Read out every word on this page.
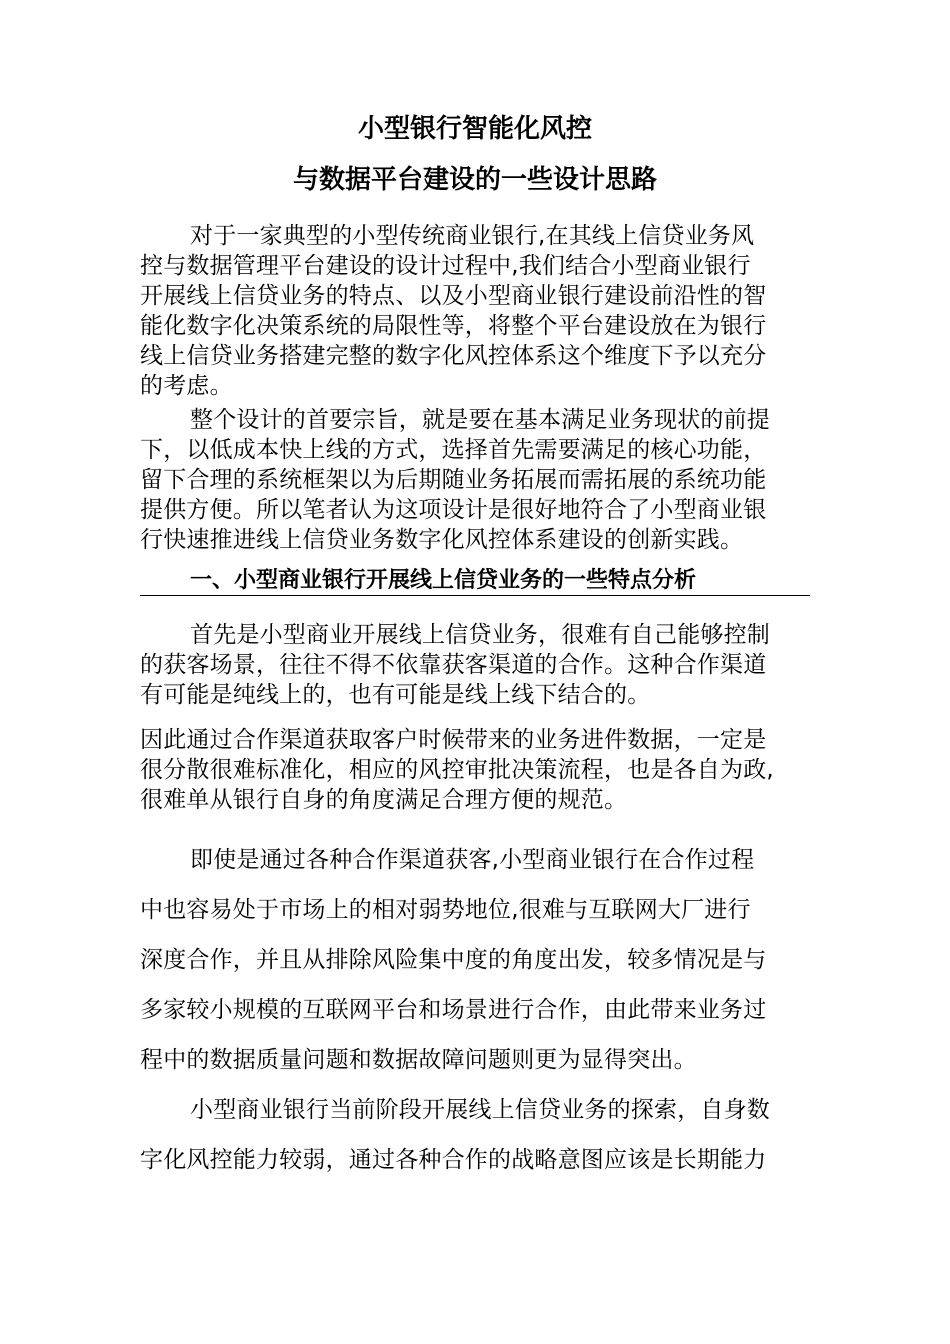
小型银行智能化风控
与数据平台建设的一些设计思路
对于一家典型的小型传统商业银行,在其线上信贷业务风
控与数据管理平台建设的设计过程中,我们结合小型商业银行
开展线上信贷业务的特点、以及小型商业银行建设前沿性的智
能化数字化决策系统的局限性等，将整个平台建设放在为银行
线上信贷业务搭建完整的数字化风控体系这个维度下予以充分
的考虑。
整个设计的首要宗旨，就是要在基本满足业务现状的前提
下，以低成本快上线的方式，选择首先需要满足的核心功能，
留下合理的系统框架以为后期随业务拓展而需拓展的系统功能
提供方便。所以笔者认为这项设计是很好地符合了小型商业银
行快速推进线上信贷业务数字化风控体系建设的创新实践。
一、小型商业银行开展线上信贷业务的一些特点分析
首先是小型商业开展线上信贷业务，很难有自己能够控制
的获客场景，往往不得不依靠获客渠道的合作。这种合作渠道
有可能是纯线上的，也有可能是线上线下结合的。
因此通过合作渠道获取客户时候带来的业务进件数据，一定是
很分散很难标准化，相应的风控审批决策流程，也是各自为政,
很难单从银行自身的角度满足合理方便的规范。
即使是通过各种合作渠道获客,小型商业银行在合作过程
中也容易处于市场上的相对弱势地位,很难与互联网大厂进行
深度合作，并且从排除风险集中度的角度出发，较多情况是与
多家较小规模的互联网平台和场景进行合作，由此带来业务过
程中的数据质量问题和数据故障问题则更为显得突出。
小型商业银行当前阶段开展线上信贷业务的探索，自身数
字化风控能力较弱，通过各种合作的战略意图应该是长期能力
